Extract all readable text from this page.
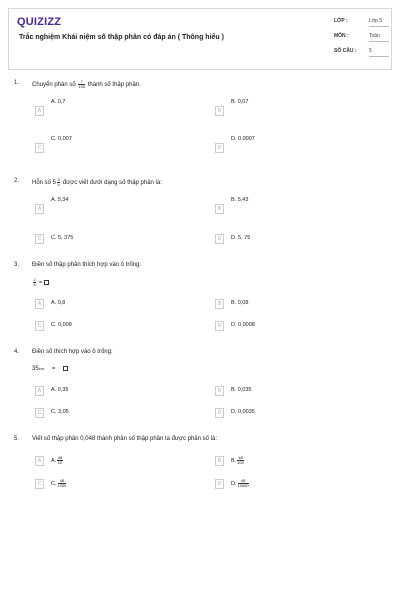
QUIZIZZ
Trắc nghiệm Khái niệm số thập phân có đáp án ( Thông hiểu )
LỚP :	Lớp 5
MÔN :	Toán
SỐ CÂU :	5
1. Chuyển phân số $\frac{7}{100}$ thành số thập phân.
A
A. 0,7
B
B. 0,07
C
C. 0,007
D
D. 0,0007
2. Hỗn số $5 \frac{3}{4}$ được viết dưới dạng số thập phân là:
A
A. 5,34
B
B. 5,43
C	C. 5, 375	D	D. 5, 75
3. Điền số thập phân thích hợp vào ô trống:
$\frac{2}{5}$ =
A	A. 0,8	B	B. 0,08
C	C. 0,008	D	D. 0,0008
4. Điền số thích hợp vào ô trống:
35cm =
A	A. 0,35	B	B. 0,035
C	C. 3,05	D	D. 0,0035
5. Viết số thập phân 0,048 thành phân số thập phân ta được phân số là:
A	A. $\frac{48}{10}$	B	B. $\frac{48}{100}$
C	C. $\frac{48}{1000}$	D	D. $\frac{48}{10000}$
